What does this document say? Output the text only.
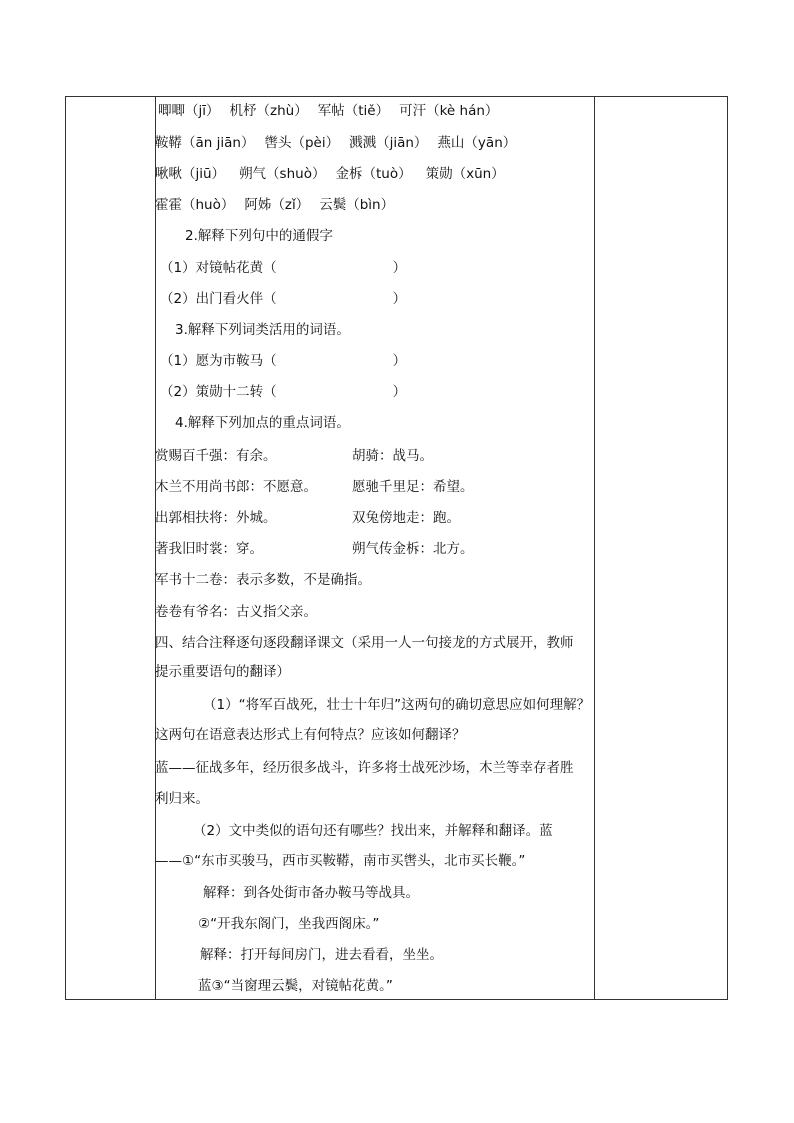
唧唧（jī） 机杼（zhù） 军帖（tiě） 可汗（kè hán）
鞍鞯（ān jiān） 辔头（pèi） 溅溅（jiān） 燕山（yān）
啾啾（jiū） 朔气（shuò） 金柝（tuò） 策勋（xūn）
霍霍（huò） 阿姊（zǐ） 云鬓（bìn）
2.解释下列句中的通假字
（1）对镜帖花黄（	）
（2）出门看火伴（	）
3.解释下列词类活用的词语。
（1）愿为市鞍马（	）
（2）策勋十二转（	）
4.解释下列加点的重点词语。
赏赐百千强：有余。	胡骑：战马。
木兰不用尚书郎：不愿意。	愿驰千里足：希望。
出郭相扶将：外城。	双兔傍地走：跑。
著我旧时裳：穿。	朔气传金柝：北方。
军书十二卷：表示多数，不是确指。
卷卷有爷名：古义指父亲。
四、结合注释逐句逐段翻译课文（采用一人一句接龙的方式展开，教师
提示重要语句的翻译）
（1）“将军百战死，壮士十年归”这两句的确切意思应如何理解？
这两句在语意表达形式上有何特点？应该如何翻译？
蓝——征战多年，经历很多战斗，许多将士战死沙场，木兰等幸存者胜
利归来。
（2）文中类似的语句还有哪些？找出来，并解释和翻译。蓝
——①“东市买骏马，西市买鞍鞯，南市买辔头，北市买长鞭。”
解释：到各处街市备办鞍马等战具。
②“开我东阁门，坐我西阁床。”
解释：打开每间房门，进去看看，坐坐。
蓝③“当窗理云鬓，对镜帖花黄。”
